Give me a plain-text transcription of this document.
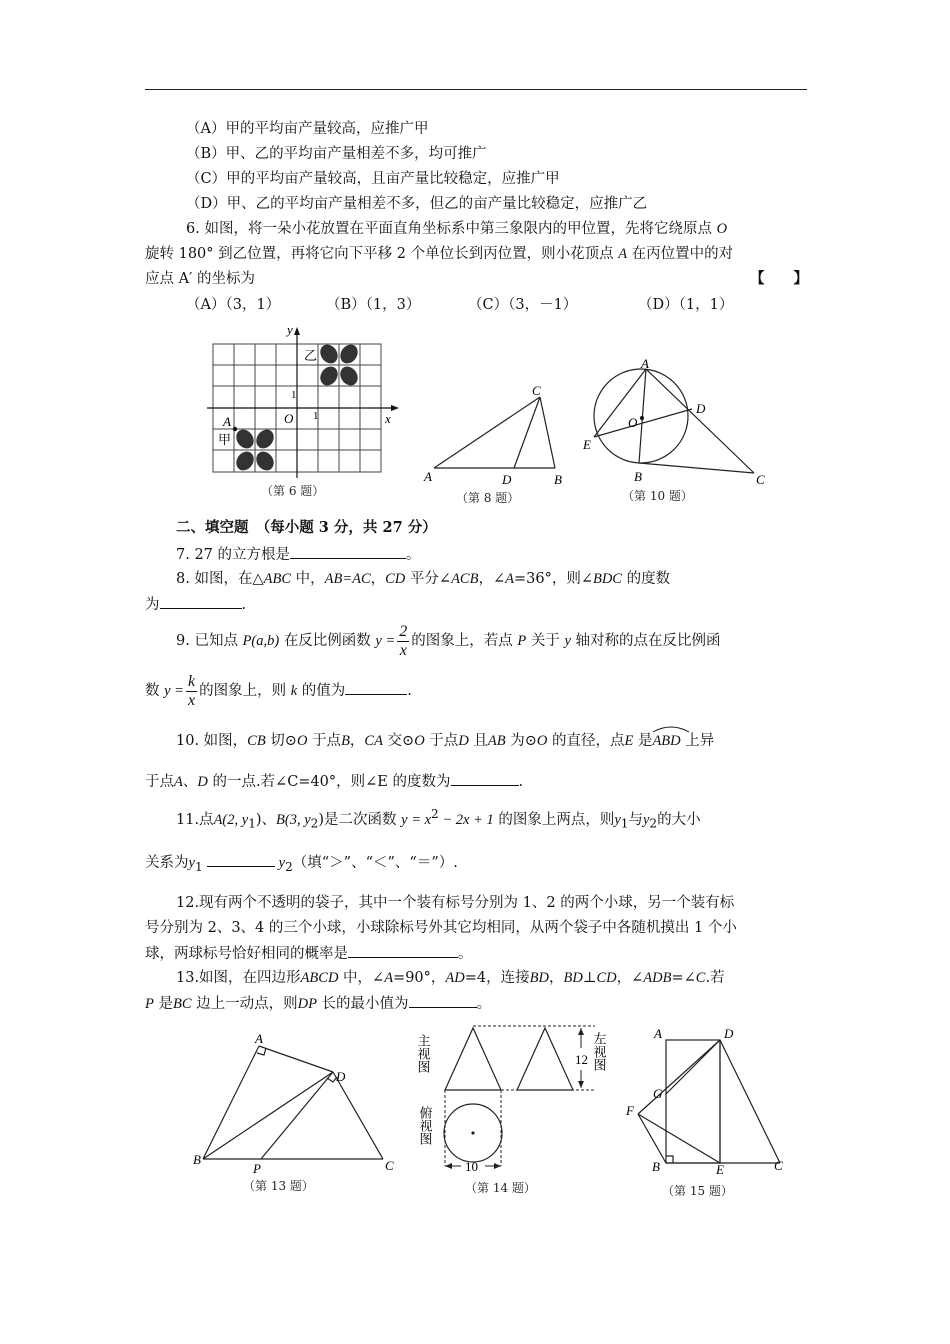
（A）甲的平均亩产量较高，应推广甲
（B）甲、乙的平均亩产量相差不多，均可推广
（C）甲的平均亩产量较高，且亩产量比较稳定，应推广甲
（D）甲、乙的平均亩产量相差不多，但乙的亩产量比较稳定，应推广乙
6. 如图，将一朵小花放置在平面直角坐标系中第三象限内的甲位置，先将它绕原点 O
旋转 180° 到乙位置，再将它向下平移 2 个单位长到丙位置，则小花顶点 A 在丙位置中的对
应点 A′ 的坐标为	【　　】
（A）（3，1）	（B）（1，3）	（C）（3，－1）	（D）（1，1）
y
x
乙
甲
A	O 1
1
（第 6 题）
A	B
C
D
（第 8 题）
A
B	C
D
E
O
（第 10 题）
二、填空题　 （每小题 3 分，共 27 分）
7. 27 的立方根是	。
8. 如图，在△ABC 中，AB=AC，CD 平分∠ACB，∠A=36°，则∠BDC 的度数
为	.
9. 已知点 P(a,b) 在反比例函数 $y = \frac{2}{x}$ 的图象上，若点 P 关于 y 轴对称的点在反比例函
数 $y = \frac{k}{x}$ 的图象上，则 k 的值为	.
10. 如图，CB 切⊙O 于点B，CA 交⊙O 于点D 且AB 为⊙O 的直径，点E 是
ABD 上异
于点A、D 的一点.若∠C=40°，则∠E 的度数为	.
11.点A(2, $y_1$)、B(3, $y_2$)是二次函数 $y = x^2 - 2x + 1$ 的图象上两点，则$y_1$与$y_2$的大小
关系为$y_1$	$y_2$（填“＞”、“＜”、“＝”）.
12.现有两个不透明的袋子，其中一个装有标号分别为 1、2 的两个小球，另一个装有标
号分别为 2、3、4 的三个小球，小球除标号外其它均相同，从两个袋子中各随机摸出 1 个小
球，两球标号恰好相同的概率是	。
13.如图，在四边形ABCD 中，∠A=90°，AD=4，连接BD，BD⊥CD，∠ADB=∠C.若
P 是BC 边上一动点，则DP 长的最小值为	。
A
B	C
D
P
（第 13 题）
12
10
主视图	左视图
俯视图
（第 14 题）
A
B	C
D
E
F
G
（第 15 题）
